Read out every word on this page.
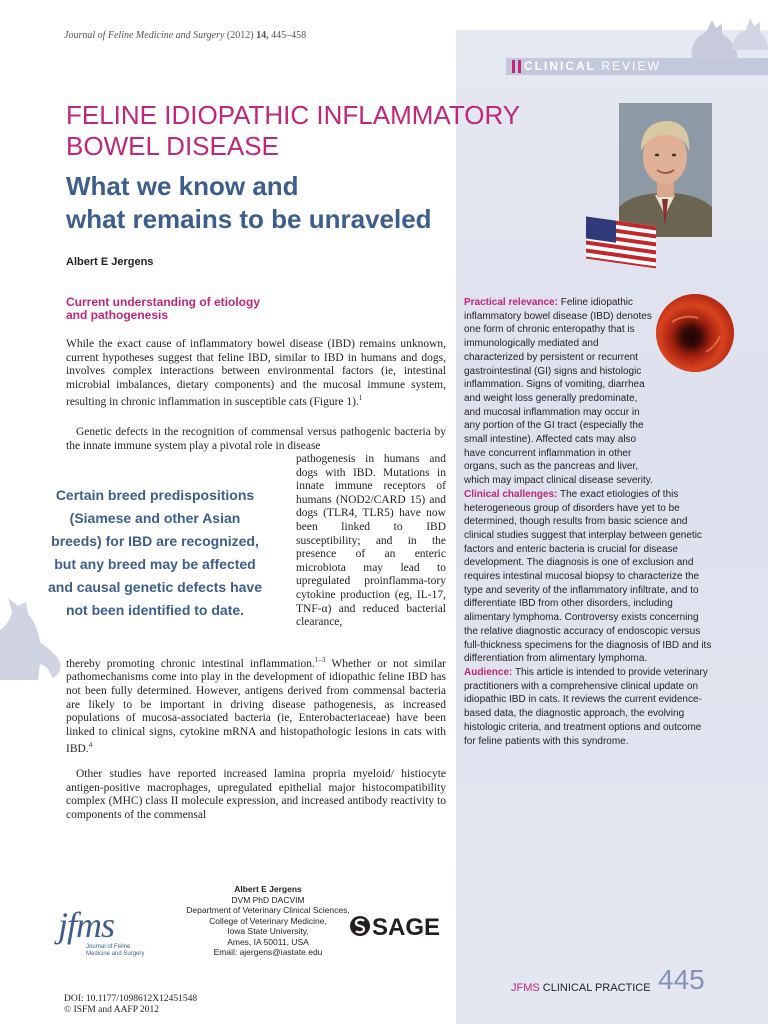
Journal of Feline Medicine and Surgery (2012) 14, 445–458
CLINICAL REVIEW
FELINE IDIOPATHIC INFLAMMATORY
BOWEL DISEASE
What we know and
what remains to be unraveled
Albert E Jergens
Current understanding of etiology
and pathogenesis
While the exact cause of inflammatory bowel disease (IBD) remains unknown, current hypotheses suggest that feline IBD, similar to IBD in humans and dogs, involves complex interactions between environmental factors (ie, intestinal microbial imbalances, dietary components) and the mucosal immune system, resulting in chronic inflammation in susceptible cats (Figure 1).$^1$
Genetic defects in the recognition of commensal versus pathogenic bacteria by the innate immune system play a pivotal role in disease
pathogenesis in humans and dogs with IBD. Mutations in innate immune receptors of humans (NOD2/CARD 15) and dogs (TLR4, TLR5) have now been linked to IBD susceptibility; and in the presence of an enteric microbiota may lead to upregulated proinflamma-tory cytokine production (eg, IL-17, TNF-α) and reduced bacterial clearance,
thereby promoting chronic intestinal inflammation.$^{1-3}$ Whether or not similar pathomechanisms come into play in the development of idiopathic feline IBD has not been fully determined. However, antigens derived from commensal bacteria are likely to be important in driving disease pathogenesis, as increased populations of mucosa-associated bacteria (ie, Enterobacteriaceae) have been linked to clinical signs, cytokine mRNA and histopathologic lesions in cats with IBD.$^4$
Other studies have reported increased lamina propria myeloid/ histiocyte antigen-positive macrophages, upregulated epithelial major histocompatibility complex (MHC) class II molecule expression, and increased antibody reactivity to components of the commensal
Certain breed predispositions
(Siamese and other Asian
breeds) for IBD are recognized,
but any breed may be affected
and causal genetic defects have
not been identified to date.
Practical relevance: Feline idiopathic inflammatory bowel disease (IBD) denotes one form of chronic enteropathy that is immunologically mediated and characterized by persistent or recurrent gastrointestinal (GI) signs and histologic inflammation. Signs of vomiting, diarrhea and weight loss generally predominate, and mucosal inflammation may occur in any portion of the GI tract (especially the small intestine). Affected cats may also have concurrent inflammation in other organs, such as the pancreas and liver, which may impact clinical disease severity.
Clinical challenges: The exact etiologies of this heterogeneous group of disorders have yet to be determined, though results from basic science and clinical studies suggest that interplay between genetic factors and enteric bacteria is crucial for disease development. The diagnosis is one of exclusion and requires intestinal mucosal biopsy to characterize the type and severity of the inflammatory infiltrate, and to differentiate IBD from other disorders, including alimentary lymphoma. Controversy exists concerning the relative diagnostic accuracy of endoscopic versus full-thickness specimens for the diagnosis of IBD and its differentiation from alimentary lymphoma.
Audience: This article is intended to provide veterinary practitioners with a comprehensive clinical update on idiopathic IBD in cats. It reviews the current evidence-based data, the diagnostic approach, the evolving histologic criteria, and treatment options and outcome for feline patients with this syndrome.
Albert E Jergens
DVM PhD DACVIM
Department of Veterinary Clinical Sciences,
College of Veterinary Medicine,
Iowa State University,
Ames, IA 50011, USA
Email: ajergens@iastate.edu
jfms
Journal of Feline Medicine and Surgery
SAGE
DOI: 10.1177/1098612X12451548
© ISFM and AAFP 2012
JFMS CLINICAL PRACTICE 445
